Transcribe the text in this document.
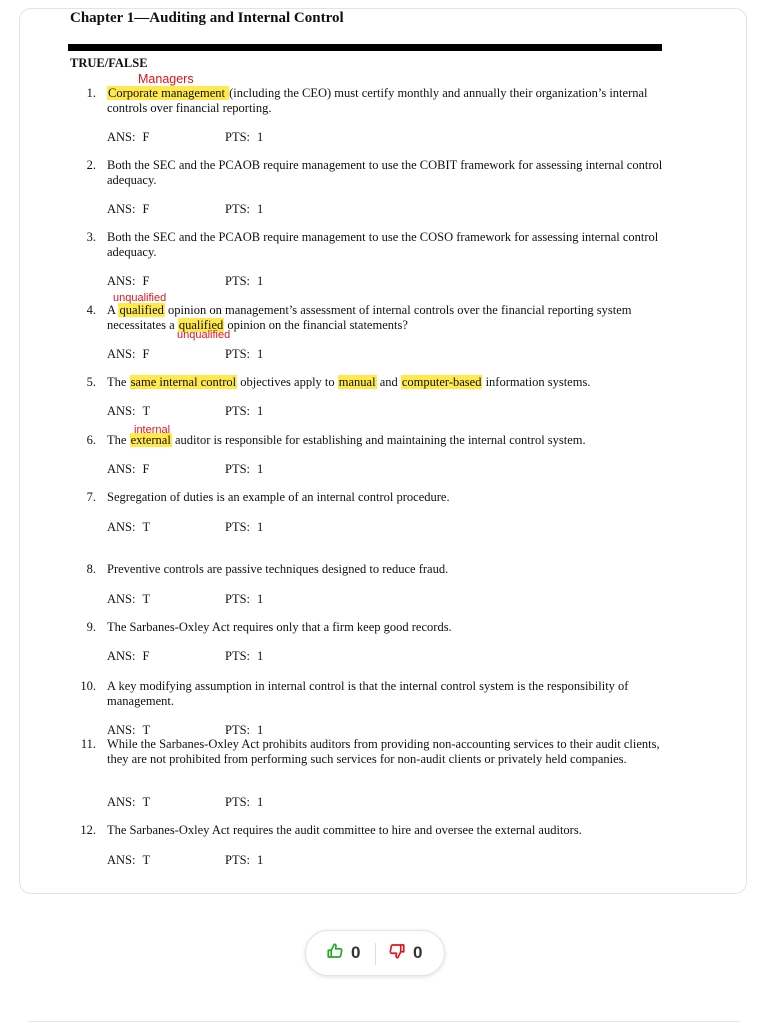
Chapter 1—Auditing and Internal Control
TRUE/FALSE
1. Corporate management (including the CEO) must certify monthly and annually their organization’s internal controls over financial reporting.
ANS: F	PTS: 1
2. Both the SEC and the PCAOB require management to use the COBIT framework for assessing internal control adequacy.
ANS: F	PTS: 1
3. Both the SEC and the PCAOB require management to use the COSO framework for assessing internal control adequacy.
ANS: F	PTS: 1
4. A qualified opinion on management’s assessment of internal controls over the financial reporting system necessitates a qualified opinion on the financial statements?
ANS: F	PTS: 1
5. The same internal control objectives apply to manual and computer-based information systems.
ANS: T	PTS: 1
6. The external auditor is responsible for establishing and maintaining the internal control system.
ANS: F	PTS: 1
7. Segregation of duties is an example of an internal control procedure.
ANS: T	PTS: 1
8. Preventive controls are passive techniques designed to reduce fraud.
ANS: T	PTS: 1
9. The Sarbanes-Oxley Act requires only that a firm keep good records.
ANS: F	PTS: 1
10. A key modifying assumption in internal control is that the internal control system is the responsibility of management.
ANS: T	PTS: 1
11. While the Sarbanes-Oxley Act prohibits auditors from providing non-accounting services to their audit clients, they are not prohibited from performing such services for non-audit clients or privately held companies.
ANS: T	PTS: 1
12. The Sarbanes-Oxley Act requires the audit committee to hire and oversee the external auditors.
ANS: T	PTS: 1
Managers
unqualified
unqualified
internal
0	0
